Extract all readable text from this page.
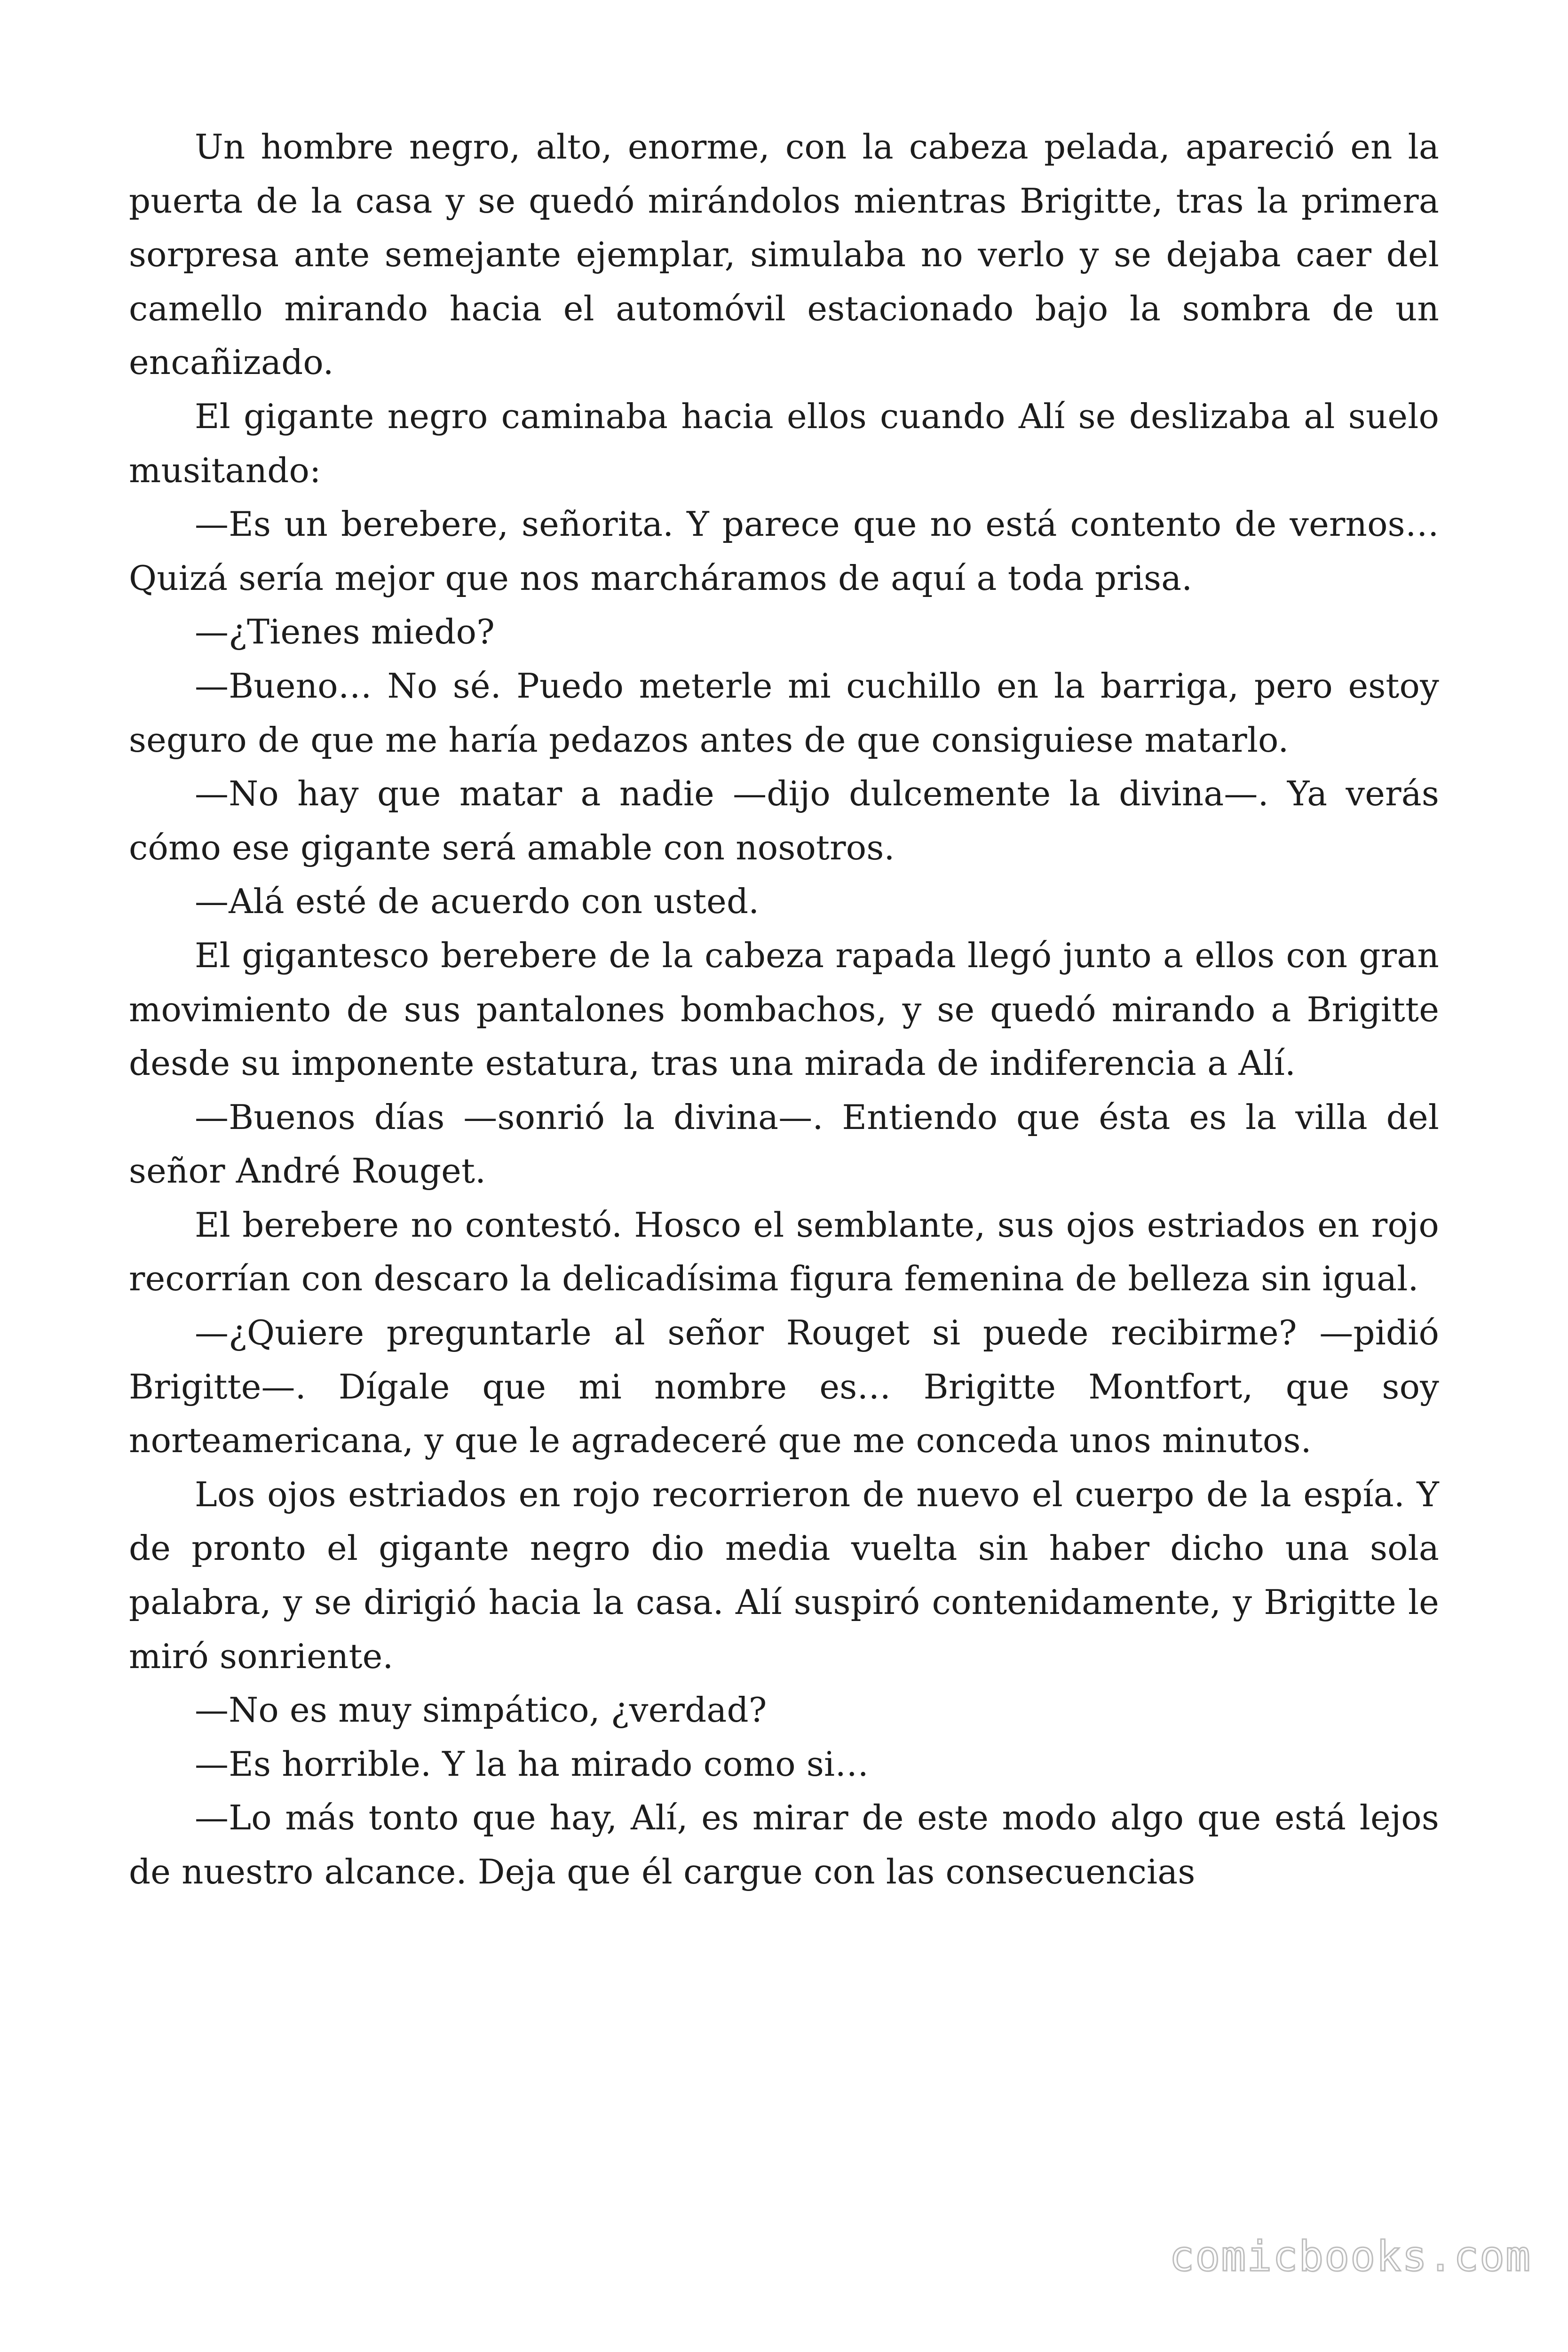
Un hombre negro, alto, enorme, con la cabeza pelada, apareció en la puerta de la casa y se quedó mirándolos mientras Brigitte, tras la primera sorpresa ante semejante ejemplar, simulaba no verlo y se dejaba caer del camello mirando hacia el automóvil estacionado bajo la sombra de un encañizado.

El gigante negro caminaba hacia ellos cuando Alí se deslizaba al suelo musitando:

—Es un berebere, señorita. Y parece que no está contento de vernos… Quizá sería mejor que nos marcháramos de aquí a toda prisa.

—¿Tienes miedo?

—Bueno… No sé. Puedo meterle mi cuchillo en la barriga, pero estoy seguro de que me haría pedazos antes de que consiguiese matarlo.

—No hay que matar a nadie —dijo dulcemente la divina—. Ya verás cómo ese gigante será amable con nosotros.

—Alá esté de acuerdo con usted.

El gigantesco berebere de la cabeza rapada llegó junto a ellos con gran movimiento de sus pantalones bombachos, y se quedó mirando a Brigitte desde su imponente estatura, tras una mirada de indiferencia a Alí.

—Buenos días —sonrió la divina—. Entiendo que ésta es la villa del señor André Rouget.

El berebere no contestó. Hosco el semblante, sus ojos estriados en rojo recorrían con descaro la delicadísima figura femenina de belleza sin igual.

—¿Quiere preguntarle al señor Rouget si puede recibirme? —pidió Brigitte—. Dígale que mi nombre es… Brigitte Montfort, que soy norteamericana, y que le agradeceré que me conceda unos minutos.

Los ojos estriados en rojo recorrieron de nuevo el cuerpo de la espía. Y de pronto el gigante negro dio media vuelta sin haber dicho una sola palabra, y se dirigió hacia la casa. Alí suspiró contenidamente, y Brigitte le miró sonriente.

—No es muy simpático, ¿verdad?

—Es horrible. Y la ha mirado como si…

—Lo más tonto que hay, Alí, es mirar de este modo algo que está lejos de nuestro alcance. Deja que él cargue con las consecuencias

comicbooks.com
